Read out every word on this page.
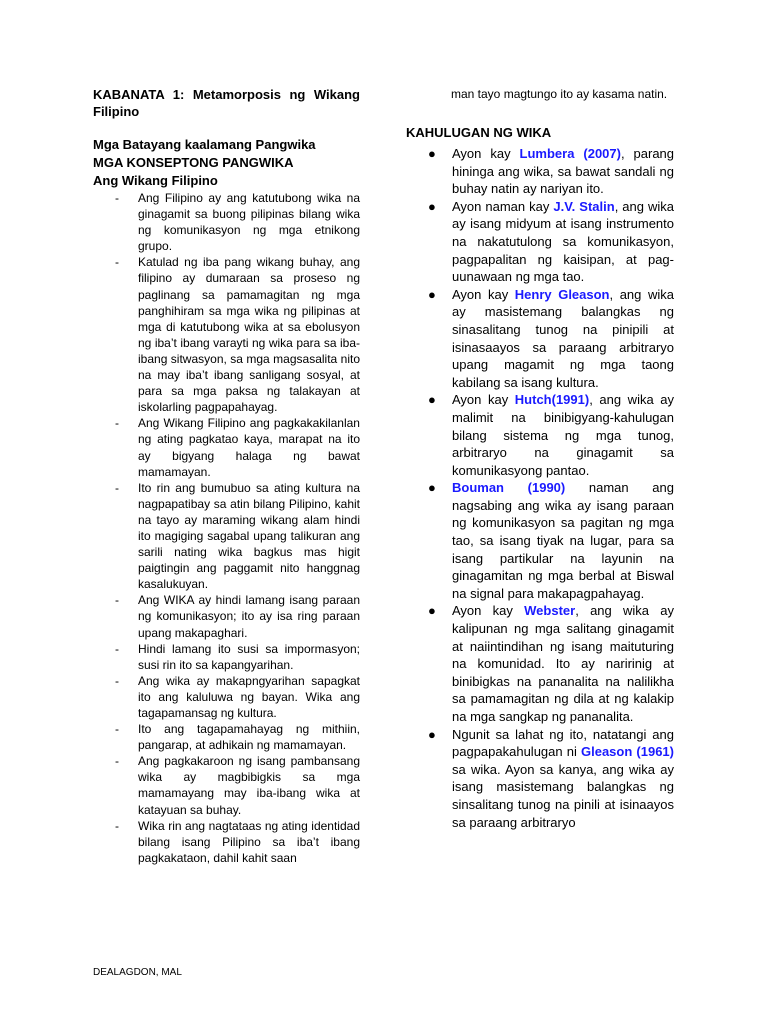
KABANATA 1: Metamorposis ng Wikang Filipino

Mga Batayang kaalamang Pangwika

MGA KONSEPTONG PANGWIKA

Ang Wikang Filipino

- Ang Filipino ay ang katutubong wika na ginagamit sa buong pilipinas bilang wika ng komunikasyon ng mga etnikong grupo.
- Katulad ng iba pang wikang buhay, ang filipino ay dumaraan sa proseso ng paglinang sa pamamagitan ng mga panghihiram sa mga wika ng pilipinas at mga di katutubong wika at sa ebolusyon ng iba’t ibang varayti ng wika para sa iba-ibang sitwasyon, sa mga magsasalita nito na may iba’t ibang sanligang sosyal, at para sa mga paksa ng talakayan at iskolarling pagpapahayag.
- Ang Wikang Filipino ang pagkakakilanlan ng ating pagkatao kaya, marapat na ito ay bigyang halaga ng bawat mamamayan.
- Ito rin ang bumubuo sa ating kultura na nagpapatibay sa atin bilang Pilipino, kahit na tayo ay maraming wikang alam hindi ito magiging sagabal upang talikuran ang sarili nating wika bagkus mas higit paigtingin ang paggamit nito hanggnag kasalukuyan.
- Ang WIKA ay hindi lamang isang paraan ng komunikasyon; ito ay isa ring paraan upang makapaghari.
- Hindi lamang ito susi sa impormasyon; susi rin ito sa kapangyarihan.
- Ang wika ay makapngyarihan sapagkat ito ang kaluluwa ng bayan. Wika ang tagapamansag ng kultura.
- Ito ang tagapamahayag ng mithiin, pangarap, at adhikain ng mamamayan.
- Ang pagkakaroon ng isang pambansang wika ay magbibigkis sa mga mamamayang may iba-ibang wika at katayuan sa buhay.
- Wika rin ang nagtataas ng ating identidad bilang isang Pilipino sa iba’t ibang pagkakataon, dahil kahit saan

man tayo magtungo ito ay kasama natin.

KAHULUGAN NG WIKA
● Ayon kay Lumbera (2007), parang hininga ang wika, sa bawat sandali ng buhay natin ay nariyan ito.
● Ayon naman kay J.V. Stalin, ang wika ay isang midyum at isang instrumento na nakatutulong sa komunikasyon, pagpapalitan ng kaisipan, at pag-uunawaan ng mga tao.
● Ayon kay Henry Gleason, ang wika ay masistemang balangkas ng sinasalitang tunog na pinipili at isinasaayos sa paraang arbitraryo upang magamit ng mga taong kabilang sa isang kultura.
● Ayon kay Hutch(1991), ang wika ay malimit na binibigyang-kahulugan bilang sistema ng mga tunog, arbitraryo na ginagamit sa komunikasyong pantao.
● Bouman (1990) naman ang nagsabing ang wika ay isang paraan ng komunikasyon sa pagitan ng mga tao, sa isang tiyak na lugar, para sa isang partikular na layunin na ginagamitan ng mga berbal at Biswal na signal para makapagpahayag.
● Ayon kay Webster, ang wika ay kalipunan ng mga salitang ginagamit at naiintindihan ng isang maituturing na komunidad. Ito ay naririnig at binibigkas na pananalita na nalilikha sa pamamagitan ng dila at ng kalakip na mga sangkap ng pananalita.
● Ngunit sa lahat ng ito, natatangi ang pagpapakahulugan ni Gleason (1961) sa wika. Ayon sa kanya, ang wika ay isang masistemang balangkas ng sinsalitang tunog na pinili at isinaayos sa paraang arbitraryo
DEALAGDON, MAL
